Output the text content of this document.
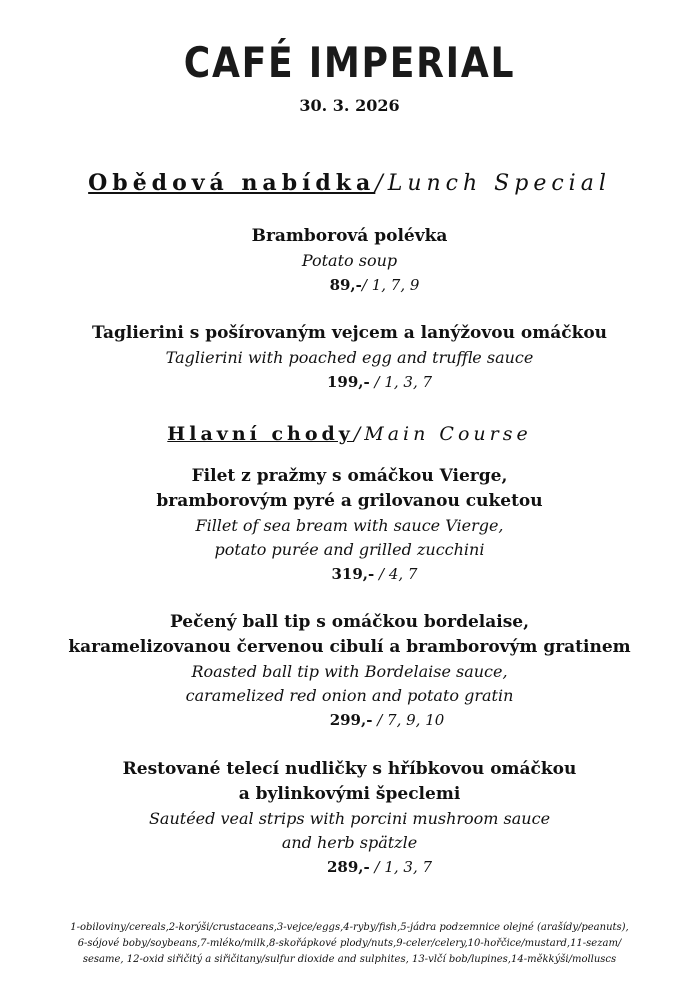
CAFÉ IMPERIAL
30. 3. 2026
Obědová nabídka/Lunch Special
Bramborová polévka
Potato soup
89,-/ 1, 7, 9
Taglierini s pošírovaným vejcem a lanýžovou omáčkou
Taglierini with poached egg and truffle sauce
199,- / 1, 3, 7
Hlavní chody/Main Course
Filet z pražmy s omáčkou Vierge,
bramborovým pyré a grilovanou cuketou
Fillet of sea bream with sauce Vierge,
potato purée and grilled zucchini
319,- / 4, 7
Pečený ball tip s omáčkou bordelaise,
karamelizovanou červenou cibulí a bramborovým gratinem
Roasted ball tip with Bordelaise sauce,
caramelized red onion and potato gratin
299,- / 7, 9, 10
Restované telecí nudličky s hříbkovou omáčkou
a bylinkovými špeclemi
Sautéed veal strips with porcini mushroom sauce
and herb spätzle
289,- / 1, 3, 7
1-obiloviny/cereals,2-korýši/crustaceans,3-vejce/eggs,4-ryby/fish,5-jádra podzemnice olejné (arašídy/peanuts),
6-sójové boby/soybeans,7-mléko/milk,8-skořápkové plody/nuts,9-celer/celery,10-hořčice/mustard,11-sezam/
sesame, 12-oxid siřičitý a siřičitany/sulfur dioxide and sulphites, 13-vlčí bob/lupines,14-měkkýši/molluscs
